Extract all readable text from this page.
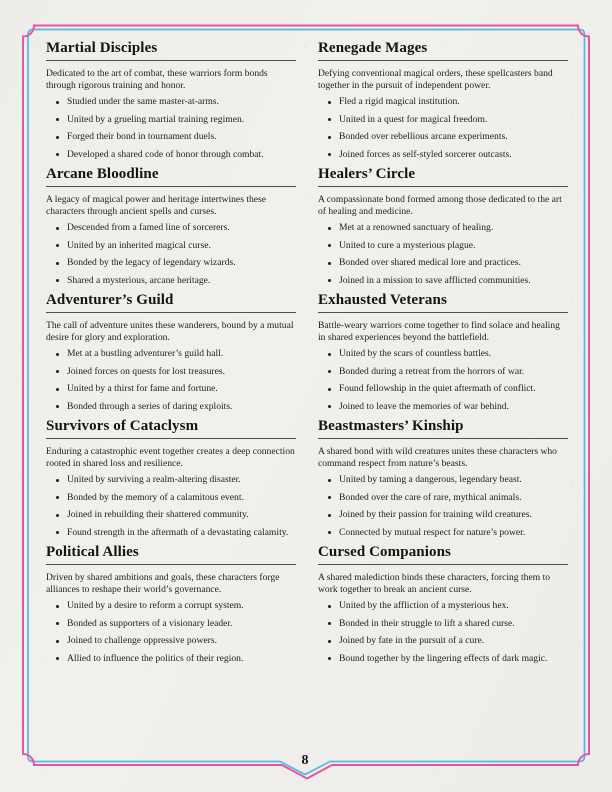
Martial Disciples

Dedicated to the art of combat, these warriors form bonds through rigorous training and honor.

Studied under the same master-at-arms.
United by a grueling martial training regimen.
Forged their bond in tournament duels.
Developed a shared code of honor through combat.
Arcane Bloodline

A legacy of magical power and heritage intertwines these characters through ancient spells and curses.

Descended from a famed line of sorcerers.
United by an inherited magical curse.
Bonded by the legacy of legendary wizards.
Shared a mysterious, arcane heritage.
Adventurer’s Guild

The call of adventure unites these wanderers, bound by a mutual desire for glory and exploration.

Met at a bustling adventurer’s guild hall.
Joined forces on quests for lost treasures.
United by a thirst for fame and fortune.
Bonded through a series of daring exploits.
Survivors of Cataclysm

Enduring a catastrophic event together creates a deep connection rooted in shared loss and resilience.

United by surviving a realm-altering disaster.
Bonded by the memory of a calamitous event.
Joined in rebuilding their shattered community.
Found strength in the aftermath of a devastating calamity.
Political Allies

Driven by shared ambitions and goals, these characters forge alliances to reshape their world’s governance.

United by a desire to reform a corrupt system.
Bonded as supporters of a visionary leader.
Joined to challenge oppressive powers.
Allied to influence the politics of their region.
Renegade Mages

Defying conventional magical orders, these spellcasters band together in the pursuit of independent power.

Fled a rigid magical institution.
United in a quest for magical freedom.
Bonded over rebellious arcane experiments.
Joined forces as self-styled sorcerer outcasts.
Healers’ Circle

A compassionate bond formed among those dedicated to the art of healing and medicine.

Met at a renowned sanctuary of healing.
United to cure a mysterious plague.
Bonded over shared medical lore and practices.
Joined in a mission to save afflicted communities.
Exhausted Veterans

Battle-weary warriors come together to find solace and healing in shared experiences beyond the battlefield.

United by the scars of countless battles.
Bonded during a retreat from the horrors of war.
Found fellowship in the quiet aftermath of conflict.
Joined to leave the memories of war behind.
Beastmasters’ Kinship

A shared bond with wild creatures unites these characters who command respect from nature’s beasts.

United by taming a dangerous, legendary beast.
Bonded over the care of rare, mythical animals.
Joined by their passion for training wild creatures.
Connected by mutual respect for nature’s power.
Cursed Companions

A shared malediction binds these characters, forcing them to work together to break an ancient curse.

United by the affliction of a mysterious hex.
Bonded in their struggle to lift a shared curse.
Joined by fate in the pursuit of a cure.
Bound together by the lingering effects of dark magic.
8
